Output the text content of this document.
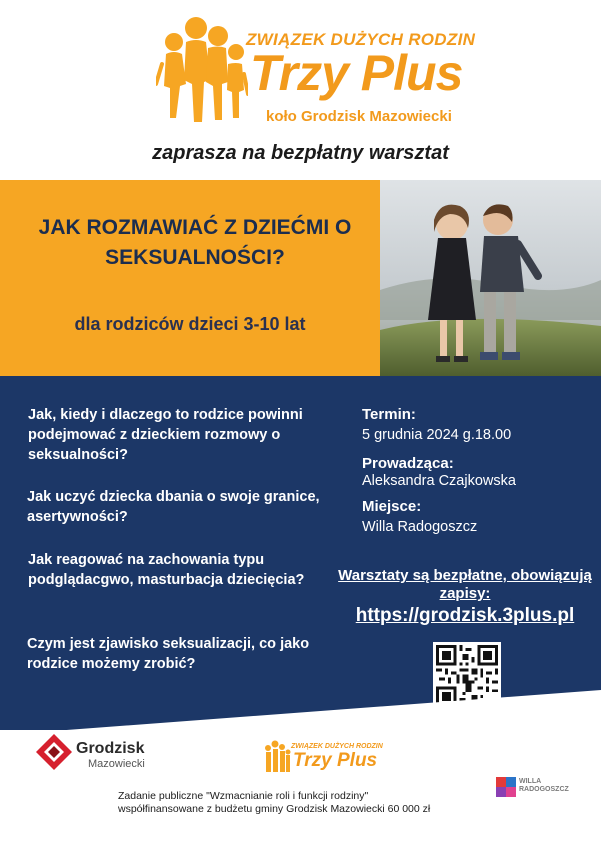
ZWIĄZEK DUŻYCH RODZIN
Trzy Plus
koło Grodzisk Mazowiecki
zaprasza na bezpłatny warsztat
JAK ROZMAWIAĆ Z DZIEĆMI O SEKSUALNOŚCI?
dla rodziców dzieci 3-10 lat
Jak, kiedy i dlaczego to rodzice powinni podejmować z dzieckiem rozmowy o seksualności?
Jak uczyć dziecka dbania o swoje granice, asertywności?
Jak reagować na zachowania typu podglądacgwo, masturbacja dziecięcia?
Czym jest zjawisko seksualizacji, co jako rodzice możemy zrobić?
Termin:
5 grudnia 2024 g.18.00
Prowadząca:
Aleksandra Czajkowska
Miejsce:
Willa Radogoszcz
Warsztaty są bezpłatne, obowiązują zapisy:
https://grodzisk.3plus.pl
Grodzisk
Mazowiecki
ZWIĄZEK DUŻYCH RODZIN
Trzy Plus
Zadanie publiczne "Wzmacnianie roli i funkcji rodziny"
współfinansowane z budżetu gminy Grodzisk Mazowiecki 60 000 zł
WILLA
RADOGOSZCZ
